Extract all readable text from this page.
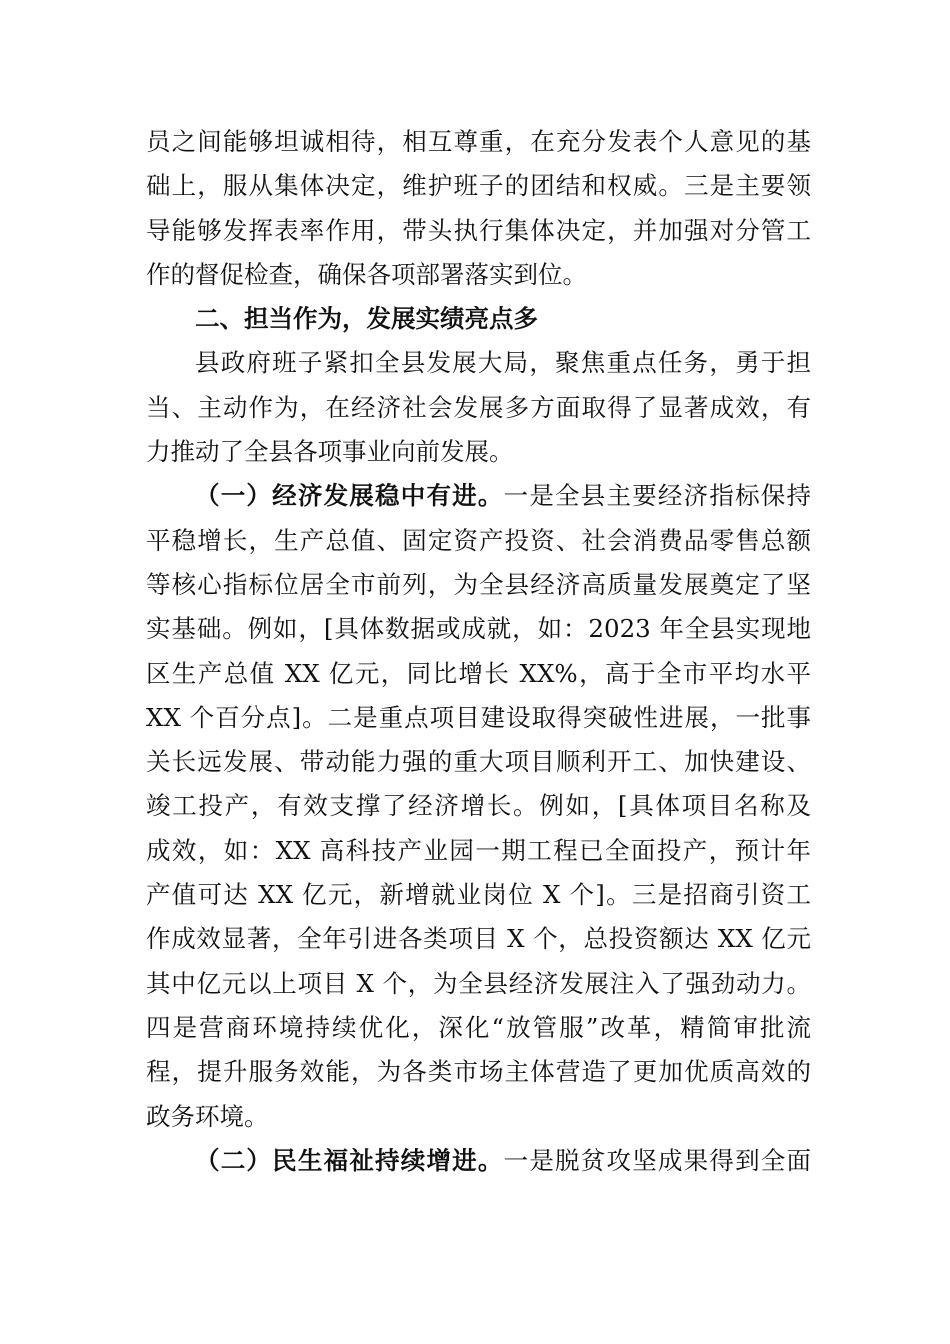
员之间能够坦诚相待，相互尊重，在充分发表个人意见的基
础上，服从集体决定，维护班子的团结和权威。三是主要领
导能够发挥表率作用，带头执行集体决定，并加强对分管工
作的督促检查，确保各项部署落实到位。
二、担当作为，发展实绩亮点多
县政府班子紧扣全县发展大局，聚焦重点任务，勇于担
当、主动作为，在经济社会发展多方面取得了显著成效，有
力推动了全县各项事业向前发展。
（一）经济发展稳中有进。一是全县主要经济指标保持
平稳增长，生产总值、固定资产投资、社会消费品零售总额
等核心指标位居全市前列，为全县经济高质量发展奠定了坚
实基础。例如，[具体数据或成就，如：2023 年全县实现地
区生产总值 XX 亿元，同比增长 XX%，高于全市平均水平
XX 个百分点]。二是重点项目建设取得突破性进展，一批事
关长远发展、带动能力强的重大项目顺利开工、加快建设、
竣工投产，有效支撑了经济增长。例如，[具体项目名称及
成效，如：XX 高科技产业园一期工程已全面投产，预计年
产值可达 XX 亿元，新增就业岗位 X 个]。三是招商引资工
作成效显著，全年引进各类项目 X 个，总投资额达 XX 亿元
其中亿元以上项目 X 个，为全县经济发展注入了强劲动力。
四是营商环境持续优化，深化“放管服”改革，精简审批流
程，提升服务效能，为各类市场主体营造了更加优质高效的
政务环境。
（二）民生福祉持续增进。一是脱贫攻坚成果得到全面
